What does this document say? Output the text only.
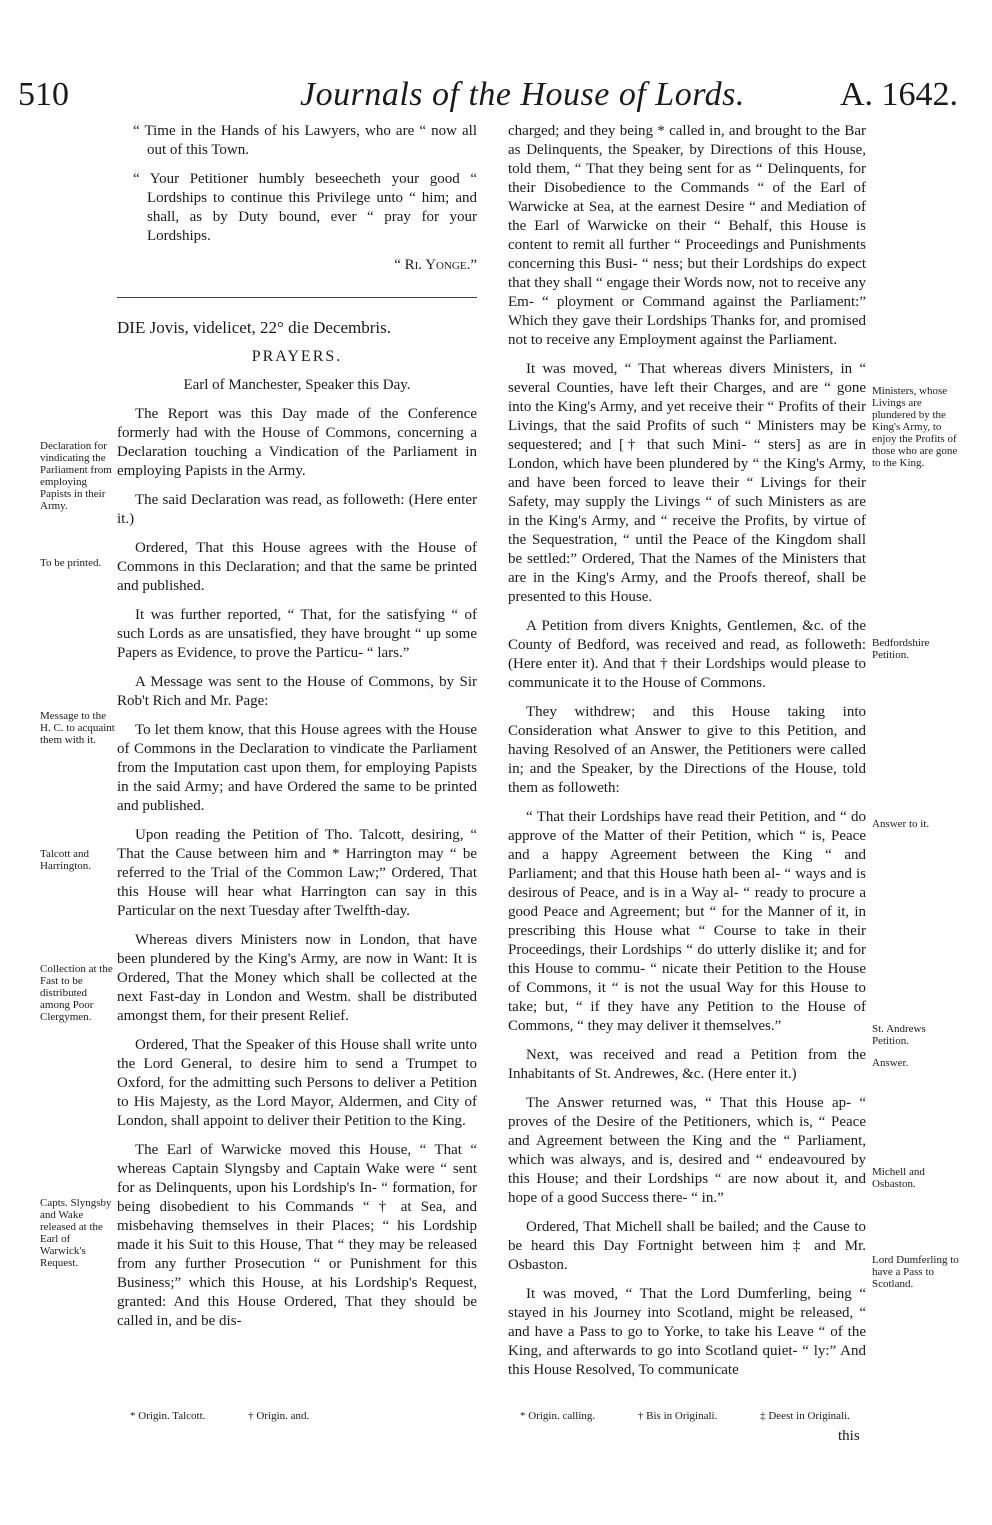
510	Journals of the House of Lords.	A. 1642.

“ Time in the Hands of his Lawyers, who are “ now all out of this Town.

“ Your Petitioner humbly beseecheth your good “ Lordships to continue this Privilege unto “ him; and shall, as by Duty bound, ever “ pray for your Lordships.

“ Ri. Yonge.”

DIE Jovis, videlicet, 22° die Decembris.

PRAYERS.

Earl of Manchester, Speaker this Day.

The Report was this Day made of the Conference formerly had with the House of Commons, concerning a Declaration touching a Vindication of the Parliament in employing Papists in the Army.

The said Declaration was read, as followeth: (Here enter it.)

Ordered, That this House agrees with the House of Commons in this Declaration; and that the same be printed and published.

It was further reported, “ That, for the satisfying “ of such Lords as are unsatisfied, they have brought “ up some Papers as Evidence, to prove the Particu- “ lars.”

A Message was sent to the House of Commons, by Sir Rob't Rich and Mr. Page:

To let them know, that this House agrees with the House of Commons in the Declaration to vindicate the Parliament from the Imputation cast upon them, for employing Papists in the said Army; and have Ordered the same to be printed and published.

Upon reading the Petition of Tho. Talcott, desiring, “ That the Cause between him and * Harrington may “ be referred to the Trial of the Common Law;” Ordered, That this House will hear what Harrington can say in this Particular on the next Tuesday after Twelfth-day.

Whereas divers Ministers now in London, that have been plundered by the King's Army, are now in Want: It is Ordered, That the Money which shall be collected at the next Fast-day in London and Westm. shall be distributed amongst them, for their present Relief.

Ordered, That the Speaker of this House shall write unto the Lord General, to desire him to send a Trumpet to Oxford, for the admitting such Persons to deliver a Petition to His Majesty, as the Lord Mayor, Aldermen, and City of London, shall appoint to deliver their Petition to the King.

The Earl of Warwicke moved this House, “ That “ whereas Captain Slyngsby and Captain Wake were “ sent for as Delinquents, upon his Lordship's In- “ formation, for being disobedient to his Commands “ † at Sea, and misbehaving themselves in their Places; “ his Lordship made it his Suit to this House, That “ they may be released from any further Prosecution “ or Punishment for this Business;” which this House, at his Lordship's Request, granted: And this House Ordered, That they should be called in, and be dis-

Declaration for vindicating the Parliament from employing Papists in their Army.
To be printed.
Message to the H. C. to acquaint them with it.
Talcott and Harrington.
Collection at the Fast to be distributed among Poor Clergymen.
Capts. Slyngsby and Wake released at the Earl of Warwick's Request.

charged; and they being * called in, and brought to the Bar as Delinquents, the Speaker, by Directions of this House, told them, “ That they being sent for as “ Delinquents, for their Disobedience to the Commands “ of the Earl of Warwicke at Sea, at the earnest Desire “ and Mediation of the Earl of Warwicke on their “ Behalf, this House is content to remit all further “ Proceedings and Punishments concerning this Busi- “ ness; but their Lordships do expect that they shall “ engage their Words now, not to receive any Em- “ ployment or Command against the Parliament:” Which they gave their Lordships Thanks for, and promised not to receive any Employment against the Parliament.

It was moved, “ That whereas divers Ministers, in “ several Counties, have left their Charges, and are “ gone into the King's Army, and yet receive their “ Profits of their Livings, that the said Profits of such “ Ministers may be sequestered; and [† that such Mini- “ sters] as are in London, which have been plundered by “ the King's Army, and have been forced to leave their “ Livings for their Safety, may supply the Livings “ of such Ministers as are in the King's Army, and “ receive the Profits, by virtue of the Sequestration, “ until the Peace of the Kingdom shall be settled:” Ordered, That the Names of the Ministers that are in the King's Army, and the Proofs thereof, shall be presented to this House.

A Petition from divers Knights, Gentlemen, &c. of the County of Bedford, was received and read, as followeth: (Here enter it). And that † their Lordships would please to communicate it to the House of Commons.

They withdrew; and this House taking into Consideration what Answer to give to this Petition, and having Resolved of an Answer, the Petitioners were called in; and the Speaker, by the Directions of the House, told them as followeth:

“ That their Lordships have read their Petition, and “ do approve of the Matter of their Petition, which “ is, Peace and a happy Agreement between the King “ and Parliament; and that this House hath been al- “ ways and is desirous of Peace, and is in a Way al- “ ready to procure a good Peace and Agreement; but “ for the Manner of it, in prescribing this House what “ Course to take in their Proceedings, their Lordships “ do utterly dislike it; and for this House to commu- “ nicate their Petition to the House of Commons, it “ is not the usual Way for this House to take; but, “ if they have any Petition to the House of Commons, “ they may deliver it themselves.”

Next, was received and read a Petition from the Inhabitants of St. Andrewes, &c. (Here enter it.)

The Answer returned was, “ That this House ap- “ proves of the Desire of the Petitioners, which is, “ Peace and Agreement between the King and the “ Parliament, which was always, and is, desired and “ endeavoured by this House; and their Lordships “ are now about it, and hope of a good Success there- “ in.”

Ordered, That Michell shall be bailed; and the Cause to be heard this Day Fortnight between him ‡ and Mr. Osbaston.

It was moved, “ That the Lord Dumferling, being “ stayed in his Journey into Scotland, might be released, “ and have a Pass to go to Yorke, to take his Leave “ of the King, and afterwards to go into Scotland quiet- “ ly:” And this House Resolved, To communicate

Ministers, whose Livings are plundered by the King's Army, to enjoy the Profits of those who are gone to the King.
Bedfordshire Petition.
Answer to it.
St. Andrews Petition.
Answer.
Michell and Osbaston.
Lord Dumferling to have a Pass to Scotland.
* Origin. Talcott.	† Origin. and.	* Origin. calling.	† Bis in Originali.	‡ Deest in Originali.
this
